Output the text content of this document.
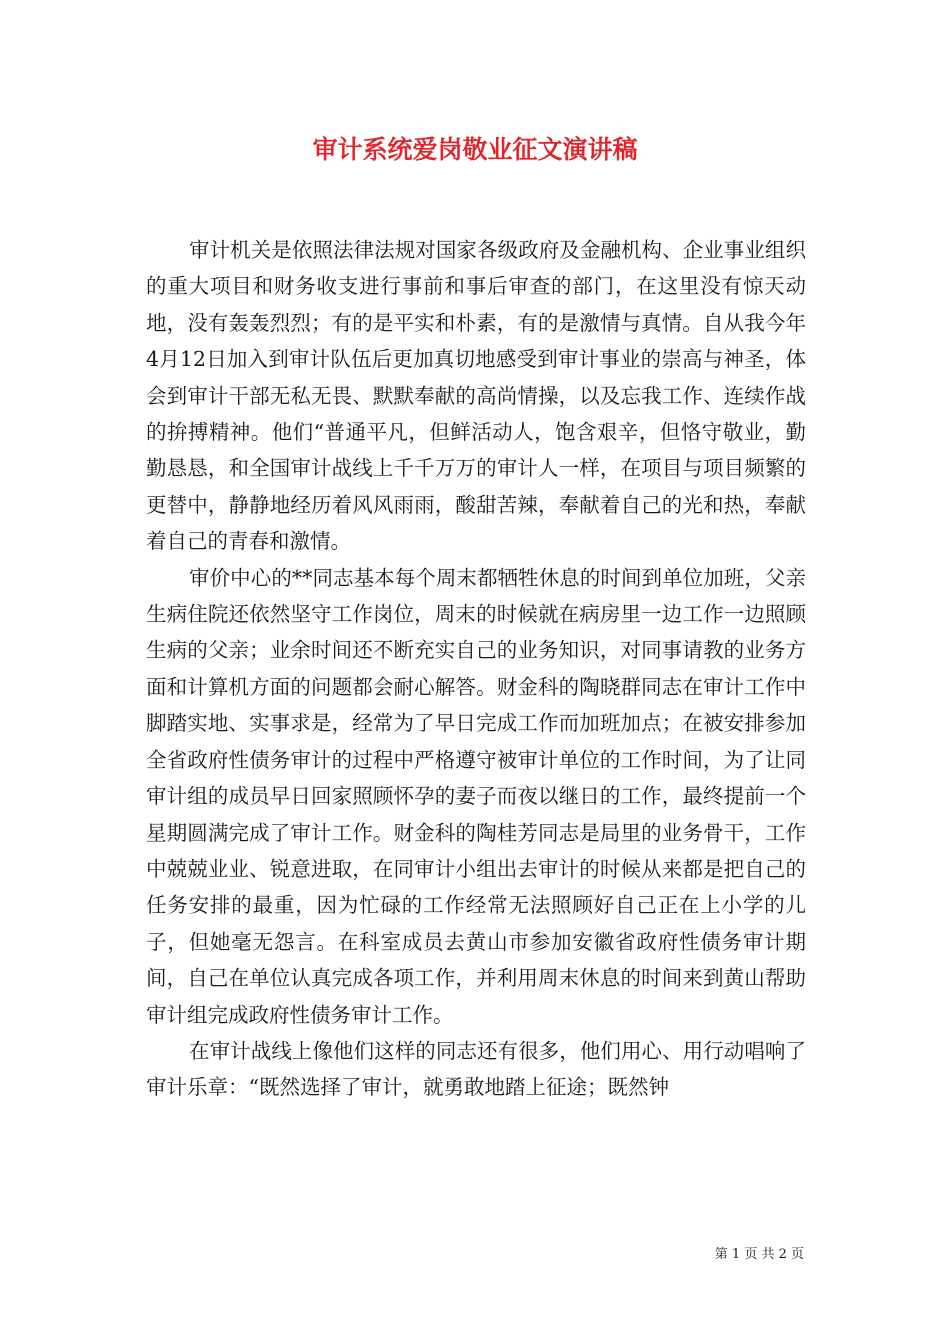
审计系统爱岗敬业征文演讲稿

审计机关是依照法律法规对国家各级政府及金融机构、企业事业组织的重大项目和财务收支进行事前和事后审查的部门，在这里没有惊天动地，没有轰轰烈烈；有的是平实和朴素，有的是激情与真情。自从我今年4月12日加入到审计队伍后更加真切地感受到审计事业的崇高与神圣，体会到审计干部无私无畏、默默奉献的高尚情操，以及忘我工作、连续作战的拚搏精神。他们“普通平凡，但鲜活动人，饱含艰辛，但恪守敬业，勤勤恳恳，和全国审计战线上千千万万的审计人一样，在项目与项目频繁的更替中，静静地经历着风风雨雨，酸甜苦辣，奉献着自己的光和热，奉献着自己的青春和激情。

审价中心的**同志基本每个周末都牺牲休息的时间到单位加班，父亲生病住院还依然坚守工作岗位，周末的时候就在病房里一边工作一边照顾生病的父亲；业余时间还不断充实自己的业务知识，对同事请教的业务方面和计算机方面的问题都会耐心解答。财金科的陶晓群同志在审计工作中脚踏实地、实事求是，经常为了早日完成工作而加班加点；在被安排参加全省政府性债务审计的过程中严格遵守被审计单位的工作时间，为了让同审计组的成员早日回家照顾怀孕的妻子而夜以继日的工作，最终提前一个星期圆满完成了审计工作。财金科的陶桂芳同志是局里的业务骨干，工作中兢兢业业、锐意进取，在同审计小组出去审计的时候从来都是把自己的任务安排的最重，因为忙碌的工作经常无法照顾好自己正在上小学的儿子，但她毫无怨言。在科室成员去黄山市参加安徽省政府性债务审计期间，自己在单位认真完成各项工作，并利用周末休息的时间来到黄山帮助审计组完成政府性债务审计工作。

在审计战线上像他们这样的同志还有很多，他们用心、用行动唱响了审计乐章：“既然选择了审计，就勇敢地踏上征途；既然钟

第 1 页 共 2 页
